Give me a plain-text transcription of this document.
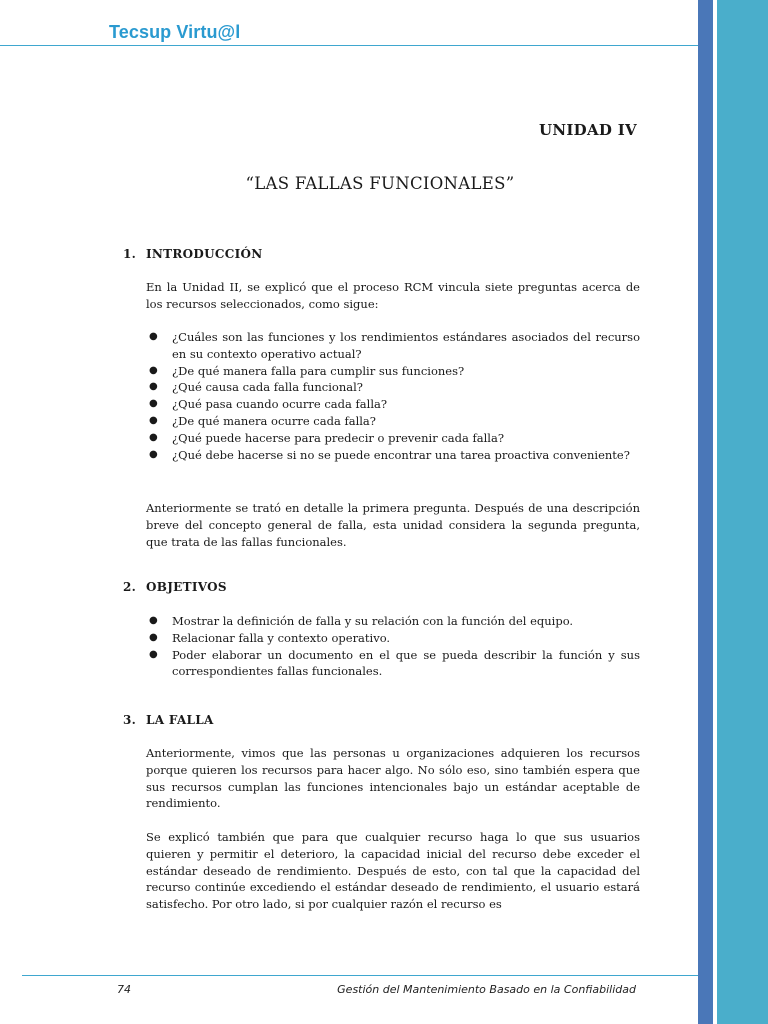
Tecsup Virtu@l
UNIDAD IV
“LAS FALLAS FUNCIONALES”
1. INTRODUCCIÓN

En la Unidad II, se explicó que el proceso RCM vincula siete preguntas acerca de los recursos seleccionados, como sigue:

● ¿Cuáles son las funciones y los rendimientos estándares asociados del recurso en su contexto operativo actual?
● ¿De qué manera falla para cumplir sus funciones?
● ¿Qué causa cada falla funcional?
● ¿Qué pasa cuando ocurre cada falla?
● ¿De qué manera ocurre cada falla?
● ¿Qué puede hacerse para predecir o prevenir cada falla?
● ¿Qué debe hacerse si no se puede encontrar una tarea proactiva conveniente?

Anteriormente se trató en detalle la primera pregunta. Después de una descripción breve del concepto general de falla, esta unidad considera la segunda pregunta, que trata de las fallas funcionales.

2. OBJETIVOS
● Mostrar la definición de falla y su relación con la función del equipo.
● Relacionar falla y contexto operativo.
● Poder elaborar un documento en el que se pueda describir la función y sus correspondientes fallas funcionales.
3. LA FALLA

Anteriormente, vimos que las personas u organizaciones adquieren los recursos porque quieren los recursos para hacer algo. No sólo eso, sino también espera que sus recursos cumplan las funciones intencionales bajo un estándar aceptable de rendimiento.

Se explicó también que para que cualquier recurso haga lo que sus usuarios quieren y permitir el deterioro, la capacidad inicial del recurso debe exceder el estándar deseado de rendimiento. Después de esto, con tal que la capacidad del recurso continúe excediendo el estándar deseado de rendimiento, el usuario estará satisfecho. Por otro lado, si por cualquier razón el recurso es

74	Gestión del Mantenimiento Basado en la Confiabilidad
